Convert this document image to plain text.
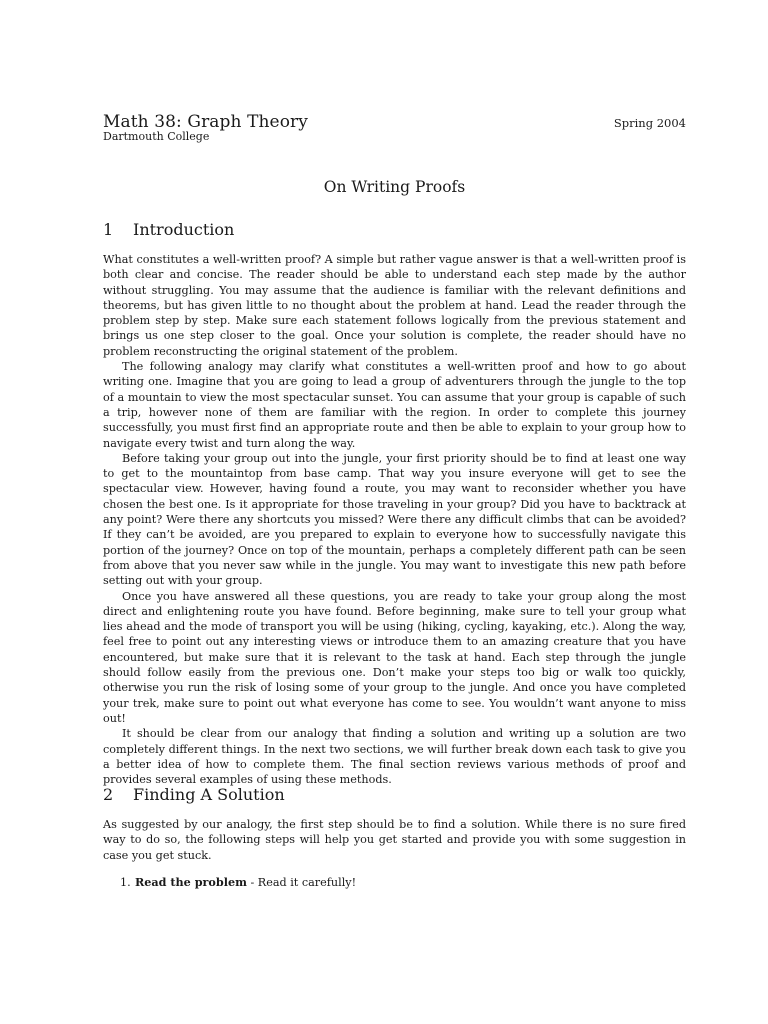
Math 38: Graph Theory	Spring 2004
Dartmouth College
On Writing Proofs
1 Introduction

What constitutes a well-written proof? A simple but rather vague answer is that a well-written proof is both clear and concise. The reader should be able to understand each step made by the author without struggling. You may assume that the audience is familiar with the relevant definitions and theorems, but has given little to no thought about the problem at hand. Lead the reader through the problem step by step. Make sure each statement follows logically from the previous statement and brings us one step closer to the goal. Once your solution is complete, the reader should have no problem reconstructing the original statement of the problem.

The following analogy may clarify what constitutes a well-written proof and how to go about writing one. Imagine that you are going to lead a group of adventurers through the jungle to the top of a mountain to view the most spectacular sunset. You can assume that your group is capable of such a trip, however none of them are familiar with the region. In order to complete this journey successfully, you must first find an appropriate route and then be able to explain to your group how to navigate every twist and turn along the way.

Before taking your group out into the jungle, your first priority should be to find at least one way to get to the mountaintop from base camp. That way you insure everyone will get to see the spectacular view. However, having found a route, you may want to reconsider whether you have chosen the best one. Is it appropriate for those traveling in your group? Did you have to backtrack at any point? Were there any shortcuts you missed? Were there any difficult climbs that can be avoided? If they can’t be avoided, are you prepared to explain to everyone how to successfully navigate this portion of the journey? Once on top of the mountain, perhaps a completely different path can be seen from above that you never saw while in the jungle. You may want to investigate this new path before setting out with your group.

Once you have answered all these questions, you are ready to take your group along the most direct and enlightening route you have found. Before beginning, make sure to tell your group what lies ahead and the mode of transport you will be using (hiking, cycling, kayaking, etc.). Along the way, feel free to point out any interesting views or introduce them to an amazing creature that you have encountered, but make sure that it is relevant to the task at hand. Each step through the jungle should follow easily from the previous one. Don’t make your steps too big or walk too quickly, otherwise you run the risk of losing some of your group to the jungle. And once you have completed your trek, make sure to point out what everyone has come to see. You wouldn’t want anyone to miss out!

It should be clear from our analogy that finding a solution and writing up a solution are two completely different things. In the next two sections, we will further break down each task to give you a better idea of how to complete them. The final section reviews various methods of proof and provides several examples of using these methods.

2 Finding A Solution

As suggested by our analogy, the first step should be to find a solution. While there is no sure fired way to do so, the following steps will help you get started and provide you with some suggestion in case you get stuck.

1. Read the problem - Read it carefully!
